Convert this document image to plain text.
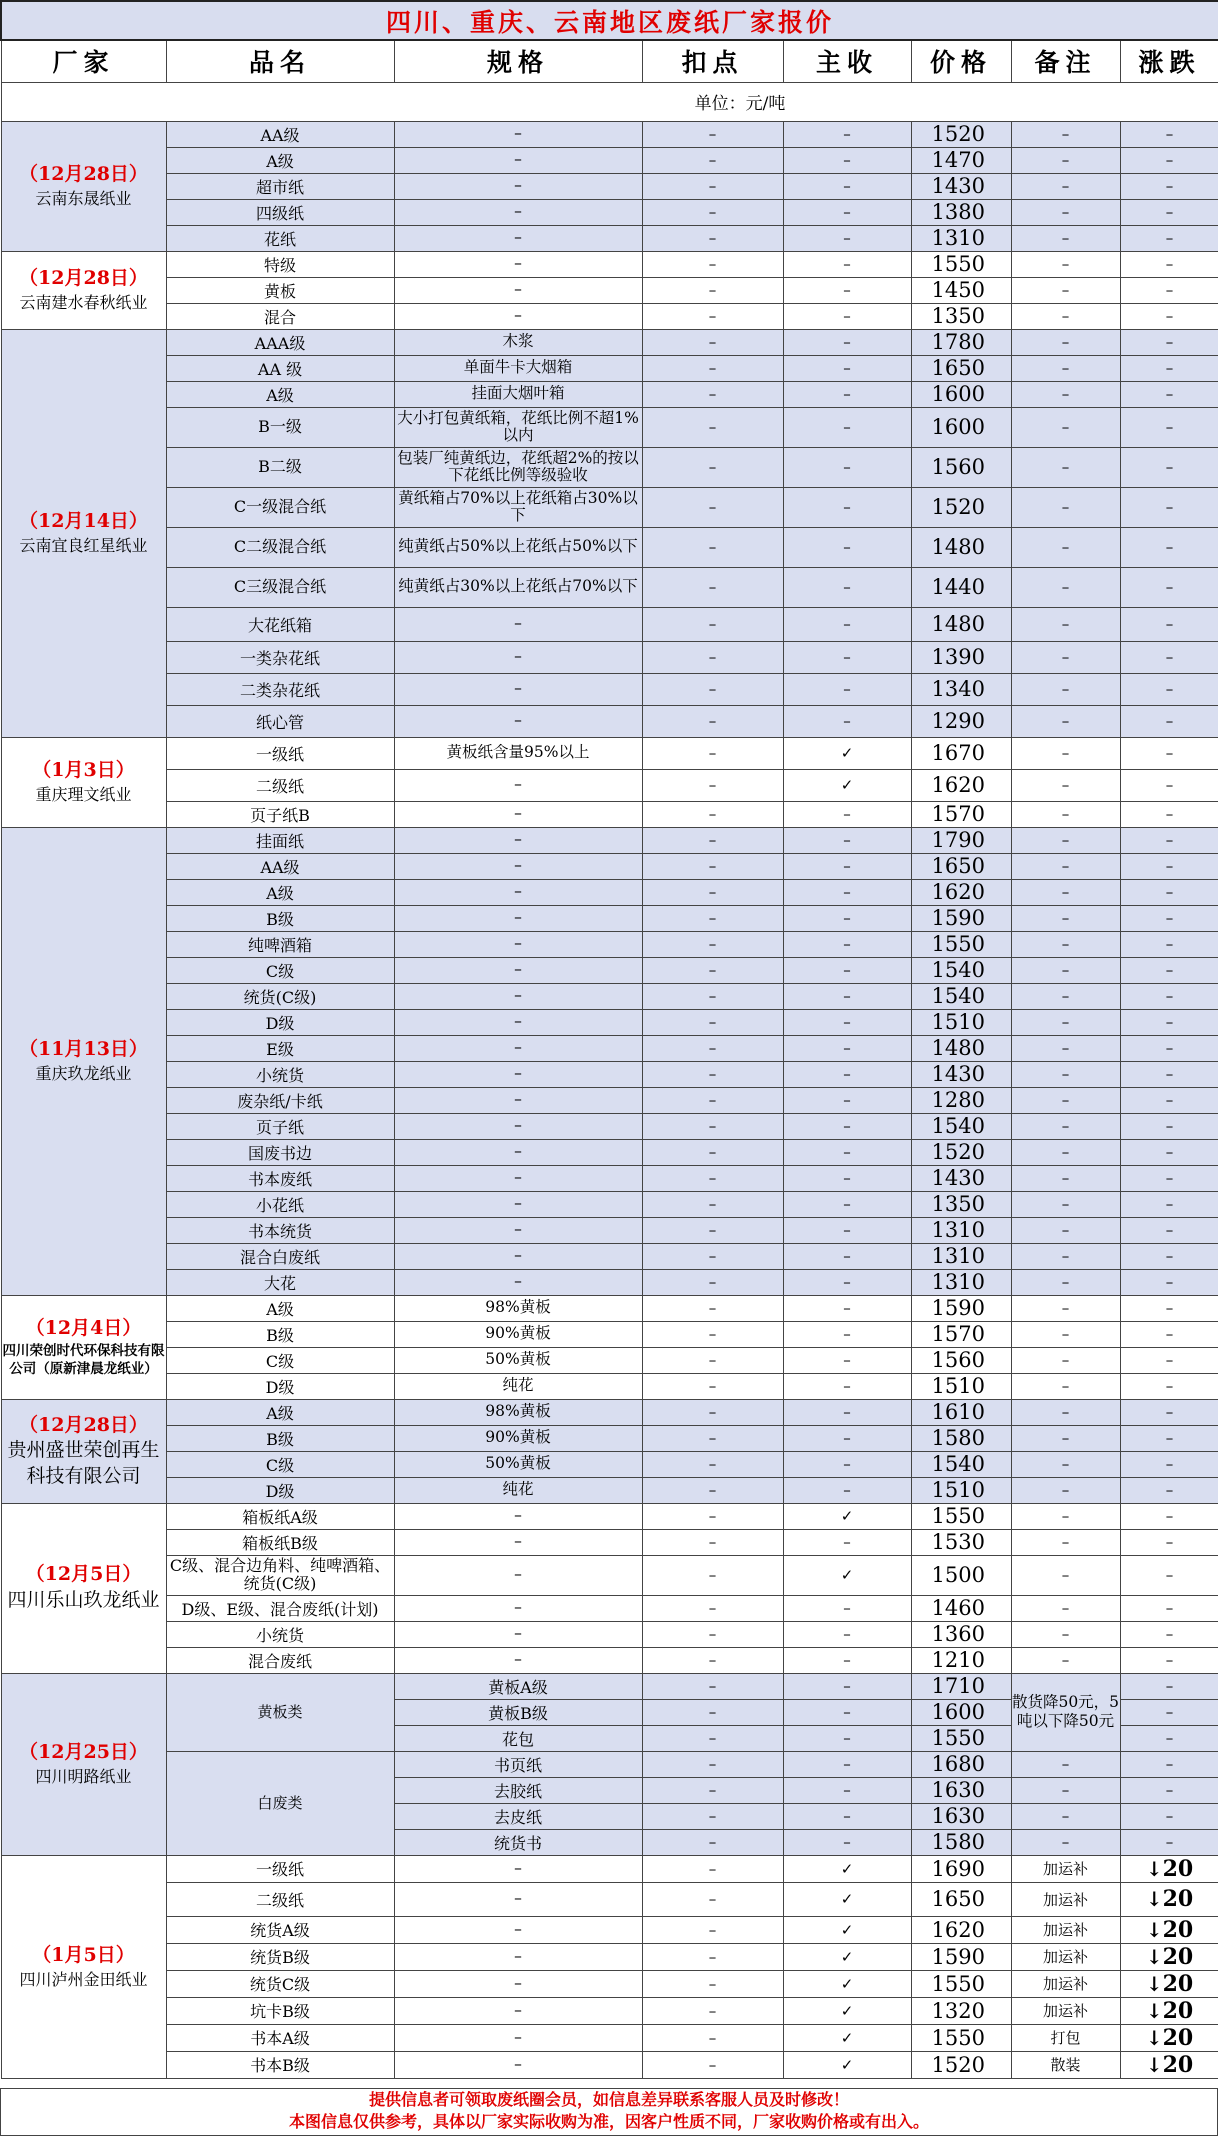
四川、重庆、云南地区废纸厂家报价							
厂家	品名	规格	扣点	主收	价格	备注	涨跌
单位：元/吨							

（12月28日）
云南东晟纸业	AA级	–	–	–	1520	–	–
	A级	–	–	–	1470	–	–
	超市纸	–	–	–	1430	–	–
	四级纸	–	–	–	1380	–	–
	花纸	–	–	–	1310	–	–

（12月28日）
云南建水春秋纸业	特级	–	–	–	1550	–	–
	黄板	–	–	–	1450	–	–
	混合	–	–	–	1350	–	–

（12月14日）
云南宜良红星纸业	AAA级	木浆	–	–	1780	–	–
	AA 级	单面牛卡大烟箱	–	–	1650	–	–
	A级	挂面大烟叶箱	–	–	1600	–	–
	B一级	大小打包黄纸箱，花纸比例不超1%以内	–	–	1600	–	–
	B二级	包装厂纯黄纸边，花纸超2%的按以下花纸比例等级验收	–	–	1560	–	–
	C一级混合纸	黄纸箱占70%以上花纸箱占30%以下	–	–	1520	–	–
	C二级混合纸	纯黄纸占50%以上花纸占50%以下	–	–	1480	–	–
	C三级混合纸	纯黄纸占30%以上花纸占70%以下	–	–	1440	–	–
	大花纸箱	–	–	–	1480	–	–
	一类杂花纸	–	–	–	1390	–	–
	二类杂花纸	–	–	–	1340	–	–
	纸心管	–	–	–	1290	–	–

（1月3日）
重庆理文纸业	一级纸	黄板纸含量95%以上	–	✓	1670	–	–
	二级纸	–	–	✓	1620	–	–
	页子纸B	–	–	–	1570	–	–

（11月13日）
重庆玖龙纸业	挂面纸	–	–	–	1790	–	–
	AA级	–	–	–	1650	–	–
	A级	–	–	–	1620	–	–
	B级	–	–	–	1590	–	–
	纯啤酒箱	–	–	–	1550	–	–
	C级	–	–	–	1540	–	–
	统货(C级)	–	–	–	1540	–	–
	D级	–	–	–	1510	–	–
	E级	–	–	–	1480	–	–
	小统货	–	–	–	1430	–	–
	废杂纸/卡纸	–	–	–	1280	–	–
	页子纸	–	–	–	1540	–	–
	国废书边	–	–	–	1520	–	–
	书本废纸	–	–	–	1430	–	–
	小花纸	–	–	–	1350	–	–
	书本统货	–	–	–	1310	–	–
	混合白废纸	–	–	–	1310	–	–
	大花	–	–	–	1310	–	–

（12月4日）
四川荣创时代环保科技有限公司（原新津晨龙纸业）	A级	98%黄板	–	–	1590	–	–
	B级	90%黄板	–	–	1570	–	–
	C级	50%黄板	–	–	1560	–	–
	D级	纯花	–	–	1510	–	–

（12月28日）
贵州盛世荣创再生科技有限公司	A级	98%黄板	–	–	1610	–	–
	B级	90%黄板	–	–	1580	–	–
	C级	50%黄板	–	–	1540	–	–
	D级	纯花	–	–	1510	–	–

（12月5日）
四川乐山玖龙纸业	箱板纸A级	–	–	✓	1550	–	–
	箱板纸B级	–	–	–	1530	–	–
	C级、混合边角料、纯啤酒箱、统货(C级)	–	–	✓	1500	–	–
	D级、E级、混合废纸(计划)	–	–	–	1460	–	–
	小统货	–	–	–	1360	–	–
	混合废纸	–	–	–	1210	–	–

（12月25日）
四川明路纸业	黄板类	黄板A级	–	–	1710	散货降50元，5吨以下降50元	–
		黄板B级	–	–	1600		–
		花包	–	–	1550		–
	白废类	书页纸	–	–	1680	–	–
		去胶纸	–	–	1630	–	–
		去皮纸	–	–	1630	–	–
		统货书	–	–	1580	–	–

（1月5日）
四川泸州金田纸业	一级纸	–	–	✓	1690	加运补	↓20
	二级纸	–	–	✓	1650	加运补	↓20
	统货A级	–	–	✓	1620	加运补	↓20
	统货B级	–	–	✓	1590	加运补	↓20
	统货C级	–	–	✓	1550	加运补	↓20
	坑卡B级	–	–	✓	1320	加运补	↓20
	书本A级	–	–	✓	1550	打包	↓20
	书本B级	–	–	✓	1520	散装	↓20
提供信息者可领取废纸圈会员，如信息差异联系客服人员及时修改！
本图信息仅供参考，具体以厂家实际收购为准，因客户性质不同，厂家收购价格或有出入。
